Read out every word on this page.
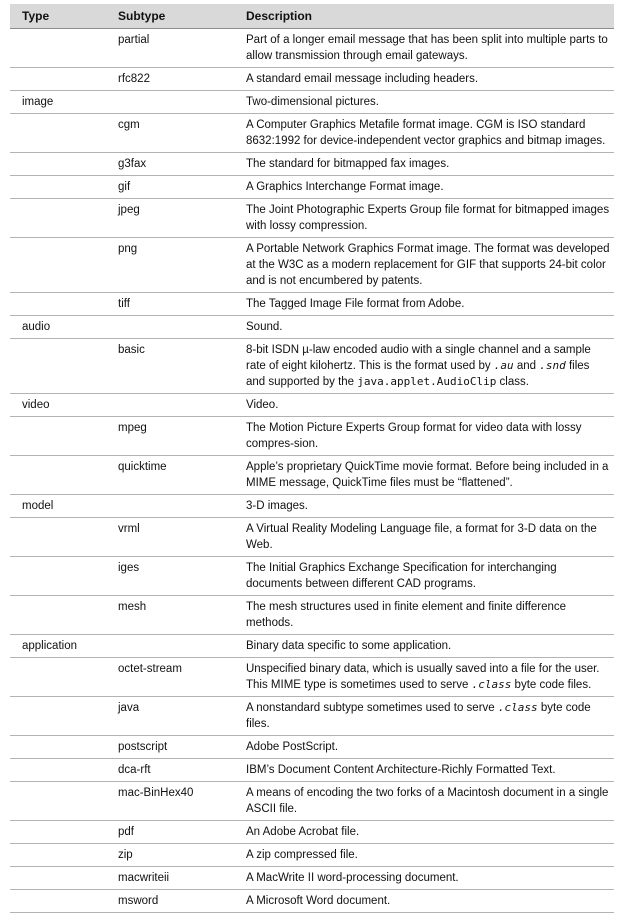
Type	Subtype	Description
	partial	Part of a longer email message that has been split into multiple parts to allow transmission through email gateways.
	rfc822	A standard email message including headers.
image		Two-dimensional pictures.
	cgm	A Computer Graphics Metafile format image. CGM is ISO standard 8632:1992 for device-independent vector graphics and bitmap images.
	g3fax	The standard for bitmapped fax images.
	gif	A Graphics Interchange Format image.
	jpeg	The Joint Photographic Experts Group file format for bitmapped images with lossy compression.
	png	A Portable Network Graphics Format image. The format was developed at the W3C as a modern replacement for GIF that supports 24-bit color and is not encumbered by patents.
	tiff	The Tagged Image File format from Adobe.
audio		Sound.
	basic	8-bit ISDN µ-law encoded audio with a single channel and a sample rate of eight kilohertz. This is the format used by .au and .snd files and supported by the java.applet.AudioClip class.
video		Video.
	mpeg	The Motion Picture Experts Group format for video data with lossy compres-sion.
	quicktime	Apple’s proprietary QuickTime movie format. Before being included in a MIME message, QuickTime files must be “flattened”.
model		3-D images.
	vrml	A Virtual Reality Modeling Language file, a format for 3-D data on the Web.
	iges	The Initial Graphics Exchange Specification for interchanging documents between different CAD programs.
	mesh	The mesh structures used in finite element and finite difference methods.
application		Binary data specific to some application.
	octet-stream	Unspecified binary data, which is usually saved into a file for the user. This MIME type is sometimes used to serve .class byte code files.
	java	A nonstandard subtype sometimes used to serve .class byte code files.
	postscript	Adobe PostScript.
	dca-rft	IBM’s Document Content Architecture-Richly Formatted Text.
	mac-BinHex40	A means of encoding the two forks of a Macintosh document in a single ASCII file.
	pdf	An Adobe Acrobat file.
	zip	A zip compressed file.
	macwriteii	A MacWrite II word-processing document.
	msword	A Microsoft Word document.
